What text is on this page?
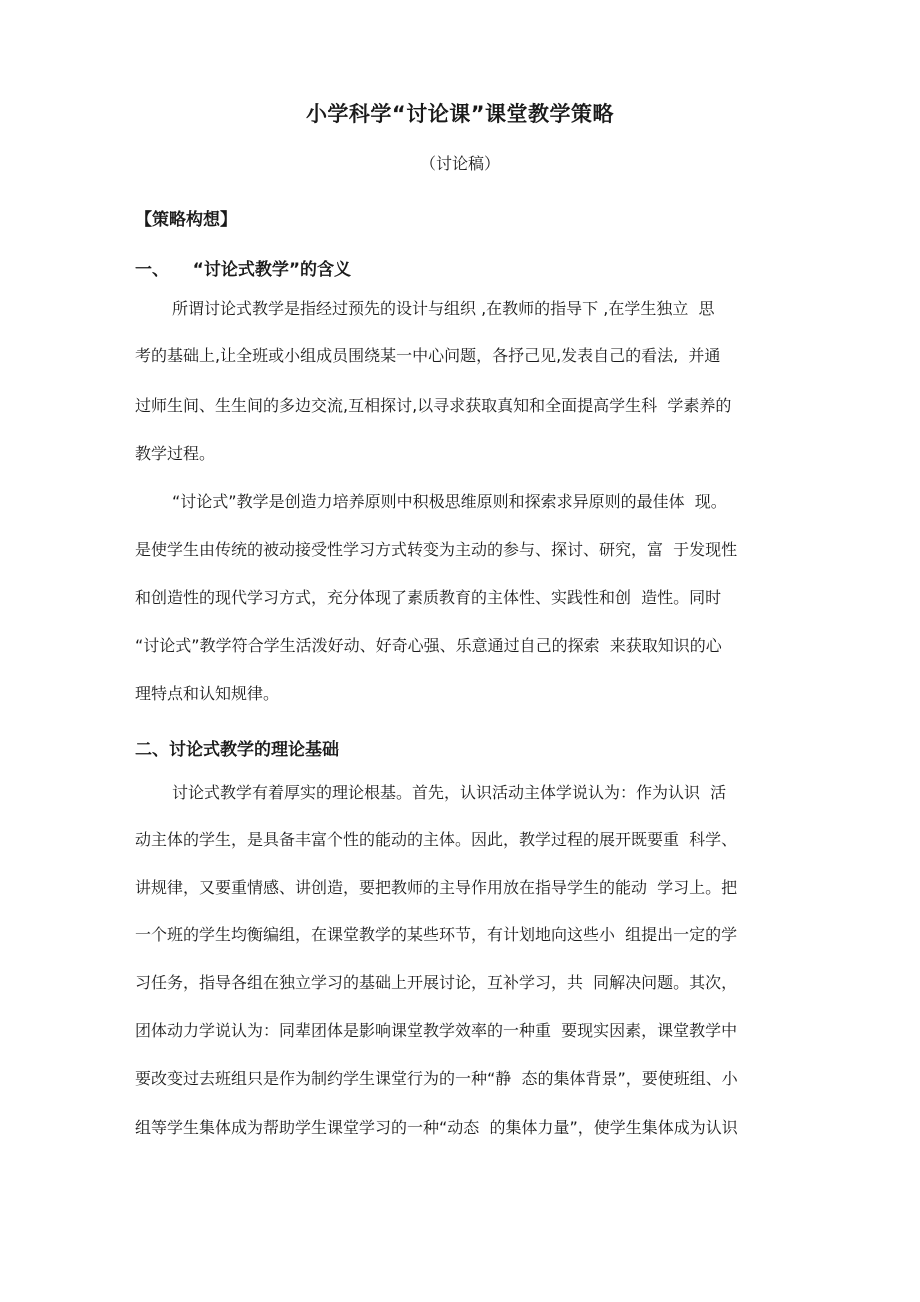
小学科学“讨论课”课堂教学策略
（讨论稿）
【策略构想】
一、    “讨论式教学”的含义
所谓讨论式教学是指经过预先的设计与组织 ,在教师的指导下 ,在学生独立  思
考的基础上,让全班或小组成员围绕某一中心问题，各抒己见,发表自己的看法,  并通
过师生间、生生间的多边交流,互相探讨,以寻求获取真知和全面提高学生科  学素养的
教学过程。
“讨论式”教学是创造力培养原则中积极思维原则和探索求异原则的最佳体  现。
是使学生由传统的被动接受性学习方式转变为主动的参与、探讨、研究，富  于发现性
和创造性的现代学习方式，充分体现了素质教育的主体性、实践性和创  造性。同时
“讨论式”教学符合学生活泼好动、好奇心强、乐意通过自己的探索  来获取知识的心
理特点和认知规律。
二、讨论式教学的理论基础
讨论式教学有着厚实的理论根基。首先，认识活动主体学说认为：作为认识  活
动主体的学生，是具备丰富个性的能动的主体。因此，教学过程的展开既要重  科学、
讲规律，又要重情感、讲创造，要把教师的主导作用放在指导学生的能动  学习上。把
一个班的学生均衡编组，在课堂教学的某些环节，有计划地向这些小  组提出一定的学
习任务，指导各组在独立学习的基础上开展讨论，互补学习，共  同解决问题。其次，
团体动力学说认为：同辈团体是影响课堂教学效率的一种重  要现实因素，课堂教学中
要改变过去班组只是作为制约学生课堂行为的一种“静  态的集体背景”，要使班组、小
组等学生集体成为帮助学生课堂学习的一种“动态  的集体力量”，使学生集体成为认识
